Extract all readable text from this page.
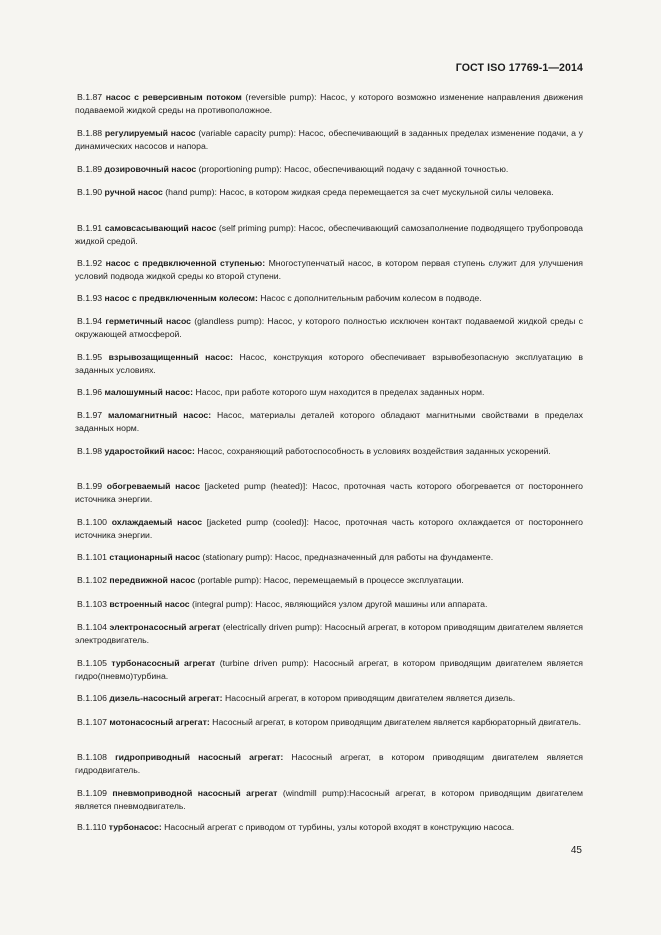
ГОСТ ISO 17769-1—2014
В.1.87 насос с реверсивным потоком (reversible pump): Насос, у которого возможно изменение направления движения подаваемой жидкой среды на противоположное.
В.1.88 регулируемый насос (variable capacity pump): Насос, обеспечивающий в заданных пределах изменение подачи, а у динамических насосов и напора.
В.1.89 дозировочный насос (proportioning pump): Насос, обеспечивающий подачу с заданной точностью.
В.1.90 ручной насос (hand pump): Насос, в котором жидкая среда перемещается за счет мускульной силы человека.
В.1.91 самовсасывающий насос (self priming pump): Насос, обеспечивающий самозаполнение подводящего трубопровода жидкой средой.
В.1.92 насос с предвключенной ступенью: Многоступенчатый насос, в котором первая ступень служит для улучшения условий подвода жидкой среды ко второй ступени.
В.1.93 насос с предвключенным колесом: Насос с дополнительным рабочим колесом в подводе.
В.1.94 герметичный насос (glandless pump): Насос, у которого полностью исключен контакт подаваемой жидкой среды с окружающей атмосферой.
В.1.95 взрывозащищенный насос: Насос, конструкция которого обеспечивает взрывобезопасную эксплуатацию в заданных условиях.
В.1.96 малошумный насос: Насос, при работе которого шум находится в пределах заданных норм.
В.1.97 маломагнитный насос: Насос, материалы деталей которого обладают магнитными свойствами в пределах заданных норм.
В.1.98 ударостойкий насос: Насос, сохраняющий работоспособность в условиях воздействия заданных ускорений.
В.1.99 обогреваемый насос [jacketed pump (heated)]: Насос, проточная часть которого обогревается от постороннего источника энергии.
В.1.100 охлаждаемый насос [jacketed pump (cooled)]: Насос, проточная часть которого охлаждается от постороннего источника энергии.
В.1.101 стационарный насос (stationary pump): Насос, предназначенный для работы на фундаменте.
В.1.102 передвижной насос (portable pump): Насос, перемещаемый в процессе эксплуатации.
В.1.103 встроенный насос (integral pump): Насос, являющийся узлом другой машины или аппарата.
В.1.104 электронасосный агрегат (electrically driven pump): Насосный агрегат, в котором приводящим двигателем является электродвигатель.
В.1.105 турбонасосный агрегат (turbine driven pump): Насосный агрегат, в котором приводящим двигателем является гидро(пневмо)турбина.
В.1.106 дизель-насосный агрегат: Насосный агрегат, в котором приводящим двигателем является дизель.
В.1.107 мотонасосный агрегат: Насосный агрегат, в котором приводящим двигателем является карбюраторный двигатель.
В.1.108 гидроприводный насосный агрегат: Насосный агрегат, в котором приводящим двигателем является гидродвигатель.
В.1.109 пневмоприводной насосный агрегат (windmill pump):Насосный агрегат, в котором приводящим двигателем является пневмодвигатель.
В.1.110 турбонасос: Насосный агрегат с приводом от турбины, узлы которой входят в конструкцию насоса.
45
